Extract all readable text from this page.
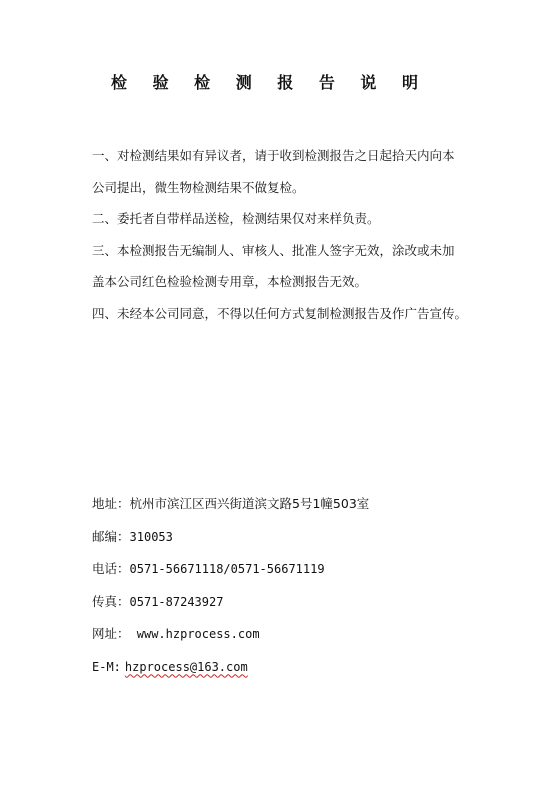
检 验 检 测 报 告 说 明
一、对检测结果如有异议者，请于收到检测报告之日起拾天内向本
公司提出，微生物检测结果不做复检。
二、委托者自带样品送检，检测结果仅对来样负责。
三、本检测报告无编制人、审核人、批准人签字无效，涂改或未加
盖本公司红色检验检测专用章，本检测报告无效。
四、未经本公司同意，不得以任何方式复制检测报告及作广告宣传。
地址：杭州市滨江区西兴街道滨文路5号1幢503室
邮编：310053
电话：0571-56671118/0571-56671119
传真：0571-87243927
网址： www.hzprocess.com
E-M: hzprocess@163.com
